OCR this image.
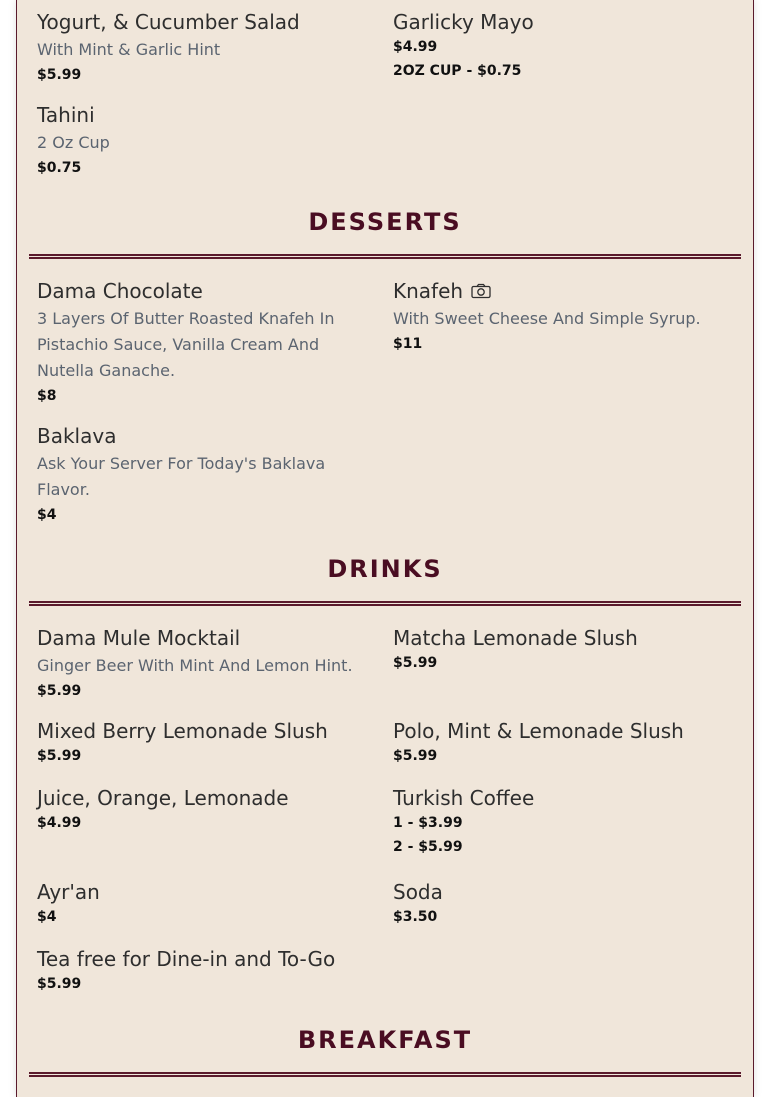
Yogurt, & Cucumber Salad
With Mint & Garlic Hint
$5.99
Garlicky Mayo
$4.99
2OZ CUP - $0.75
Tahini
2 Oz Cup
$0.75
DESSERTS
Dama Chocolate
3 Layers Of Butter Roasted Knafeh In Pistachio Sauce, Vanilla Cream And Nutella Ganache.
$8
Knafeh
With Sweet Cheese And Simple Syrup.
$11
Baklava
Ask Your Server For Today's Baklava Flavor.
$4
DRINKS
Dama Mule Mocktail
Ginger Beer With Mint And Lemon Hint.
$5.99
Matcha Lemonade Slush
$5.99
Mixed Berry Lemonade Slush
$5.99
Polo, Mint & Lemonade Slush
$5.99
Juice, Orange, Lemonade
$4.99
Turkish Coffee
1 - $3.99
2 - $5.99
Ayr'an
$4
Soda
$3.50
Tea free for Dine-in and To-Go
$5.99
BREAKFAST
